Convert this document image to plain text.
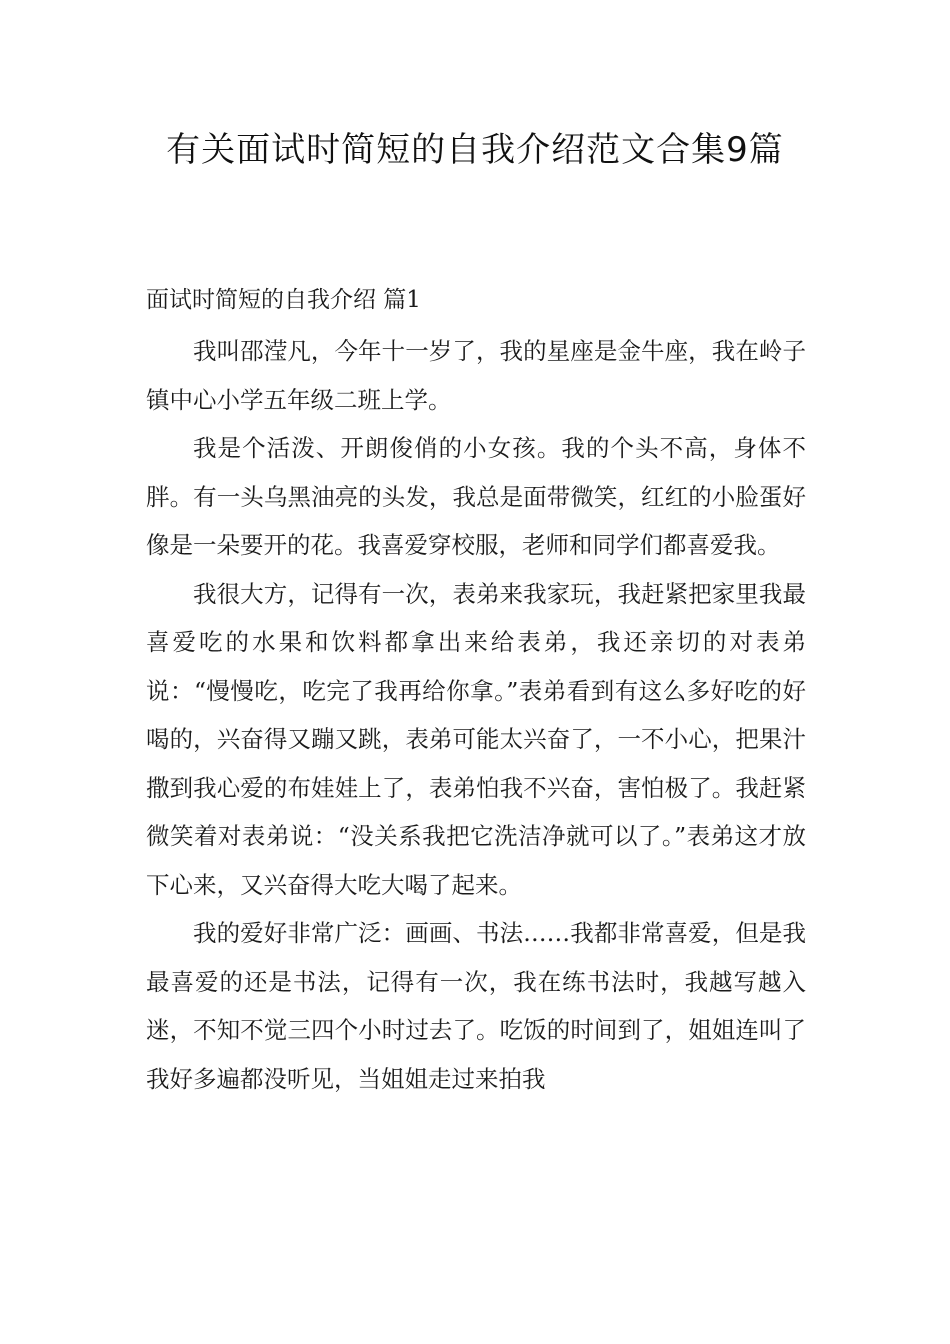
有关面试时简短的自我介绍范文合集9篇
面试时简短的自我介绍 篇1

我叫邵滢凡，今年十一岁了，我的星座是金牛座，我在岭子镇中心小学五年级二班上学。

我是个活泼、开朗俊俏的小女孩。我的个头不高，身体不胖。有一头乌黑油亮的头发，我总是面带微笑，红红的小脸蛋好像是一朵要开的花。我喜爱穿校服，老师和同学们都喜爱我。

我很大方，记得有一次，表弟来我家玩，我赶紧把家里我最喜爱吃的水果和饮料都拿出来给表弟，我还亲切的对表弟说：“慢慢吃，吃完了我再给你拿。”表弟看到有这么多好吃的好喝的，兴奋得又蹦又跳，表弟可能太兴奋了，一不小心，把果汁撒到我心爱的布娃娃上了，表弟怕我不兴奋，害怕极了。我赶紧微笑着对表弟说：“没关系我把它洗洁净就可以了。”表弟这才放下心来，又兴奋得大吃大喝了起来。

我的爱好非常广泛：画画、书法……我都非常喜爱，但是我最喜爱的还是书法，记得有一次，我在练书法时，我越写越入迷，不知不觉三四个小时过去了。吃饭的时间到了，姐姐连叫了我好多遍都没听见，当姐姐走过来拍我
